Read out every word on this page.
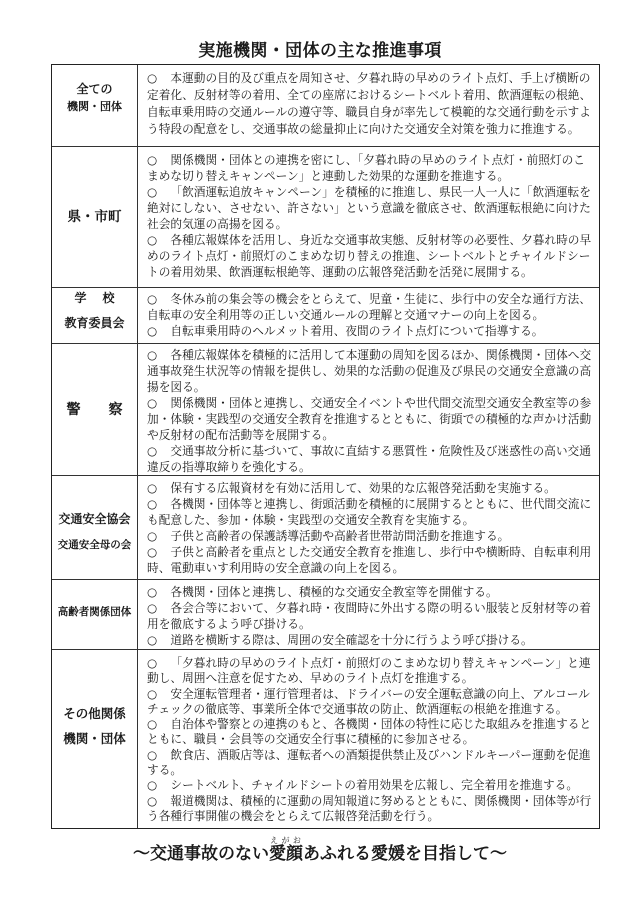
実施機関・団体の主な推進事項
全ての
機関・団体
○ 本運動の目的及び重点を周知させ、夕暮れ時の早めのライト点灯、手上げ横断の定着化、反射材等の着用、全ての座席におけるシートベルト着用、飲酒運転の根絶、自転車乗用時の交通ルールの遵守等、職員自身が率先して模範的な交通行動を示すよう特段の配意をし、交通事故の総量抑止に向けた交通安全対策を強力に推進する。
県・市町
○ 関係機関・団体との連携を密にし、「夕暮れ時の早めのライト点灯・前照灯のこまめな切り替えキャンペーン」と連動した効果的な運動を推進する。
○ 「飲酒運転追放キャンペーン」を積極的に推進し、県民一人一人に「飲酒運転を絶対にしない、させない、許さない」という意識を徹底させ、飲酒運転根絶に向けた社会的気運の高揚を図る。
○ 各種広報媒体を活用し、身近な交通事故実態、反射材等の必要性、夕暮れ時の早めのライト点灯・前照灯のこまめな切り替えの推進、シートベルトとチャイルドシートの着用効果、飲酒運転根絶等、運動の広報啓発活動を活発に展開する。
学　校
教育委員会
○ 冬休み前の集会等の機会をとらえて、児童・生徒に、歩行中の安全な通行方法、自転車の安全利用等の正しい交通ルールの理解と交通マナーの向上を図る。
○ 自転車乗用時のヘルメット着用、夜間のライト点灯について指導する。
警　察
○ 各種広報媒体を積極的に活用して本運動の周知を図るほか、関係機関・団体へ交通事故発生状況等の情報を提供し、効果的な活動の促進及び県民の交通安全意識の高揚を図る。
○ 関係機関・団体と連携し、交通安全イベントや世代間交流型交通安全教室等の参加・体験・実践型の交通安全教育を推進するとともに、街頭での積極的な声かけ活動や反射材の配布活動等を展開する。
○ 交通事故分析に基づいて、事故に直結する悪質性・危険性及び迷惑性の高い交通違反の指導取締りを強化する。
交通安全協会
交通安全母の会
○ 保有する広報資材を有効に活用して、効果的な広報啓発活動を実施する。
○ 各機関・団体等と連携し、街頭活動を積極的に展開するとともに、世代間交流にも配意した、参加・体験・実践型の交通安全教育を実施する。
○ 子供と高齢者の保護誘導活動や高齢者世帯訪問活動を推進する。
○ 子供と高齢者を重点とした交通安全教育を推進し、歩行中や横断時、自転車利用時、電動車いす利用時の安全意識の向上を図る。
高齢者関係団体
○ 各機関・団体と連携し、積極的な交通安全教室等を開催する。
○ 各会合等において、夕暮れ時・夜間時に外出する際の明るい服装と反射材等の着用を徹底するよう呼び掛ける。
○ 道路を横断する際は、周囲の安全確認を十分に行うよう呼び掛ける。
その他関係
機関・団体
○ 「夕暮れ時の早めのライト点灯・前照灯のこまめな切り替えキャンペーン」と連動し、周囲へ注意を促すため、早めのライト点灯を推進する。
○ 安全運転管理者・運行管理者は、ドライバーの安全運転意識の向上、アルコールチェックの徹底等、事業所全体で交通事故の防止、飲酒運転の根絶を推進する。
○ 自治体や警察との連携のもと、各機関・団体の特性に応じた取組みを推進するとともに、職員・会員等の交通安全行事に積極的に参加させる。
○ 飲食店、酒販店等は、運転者への酒類提供禁止及びハンドルキーパー運動を促進する。
○ シートベルト、チャイルドシートの着用効果を広報し、完全着用を推進する。
○ 報道機関は、積極的に運動の周知報道に努めるとともに、関係機関・団体等が行う各種行事開催の機会をとらえて広報啓発活動を行う。
〜交通事故のない愛顔えがおあふれる愛媛を目指して〜
